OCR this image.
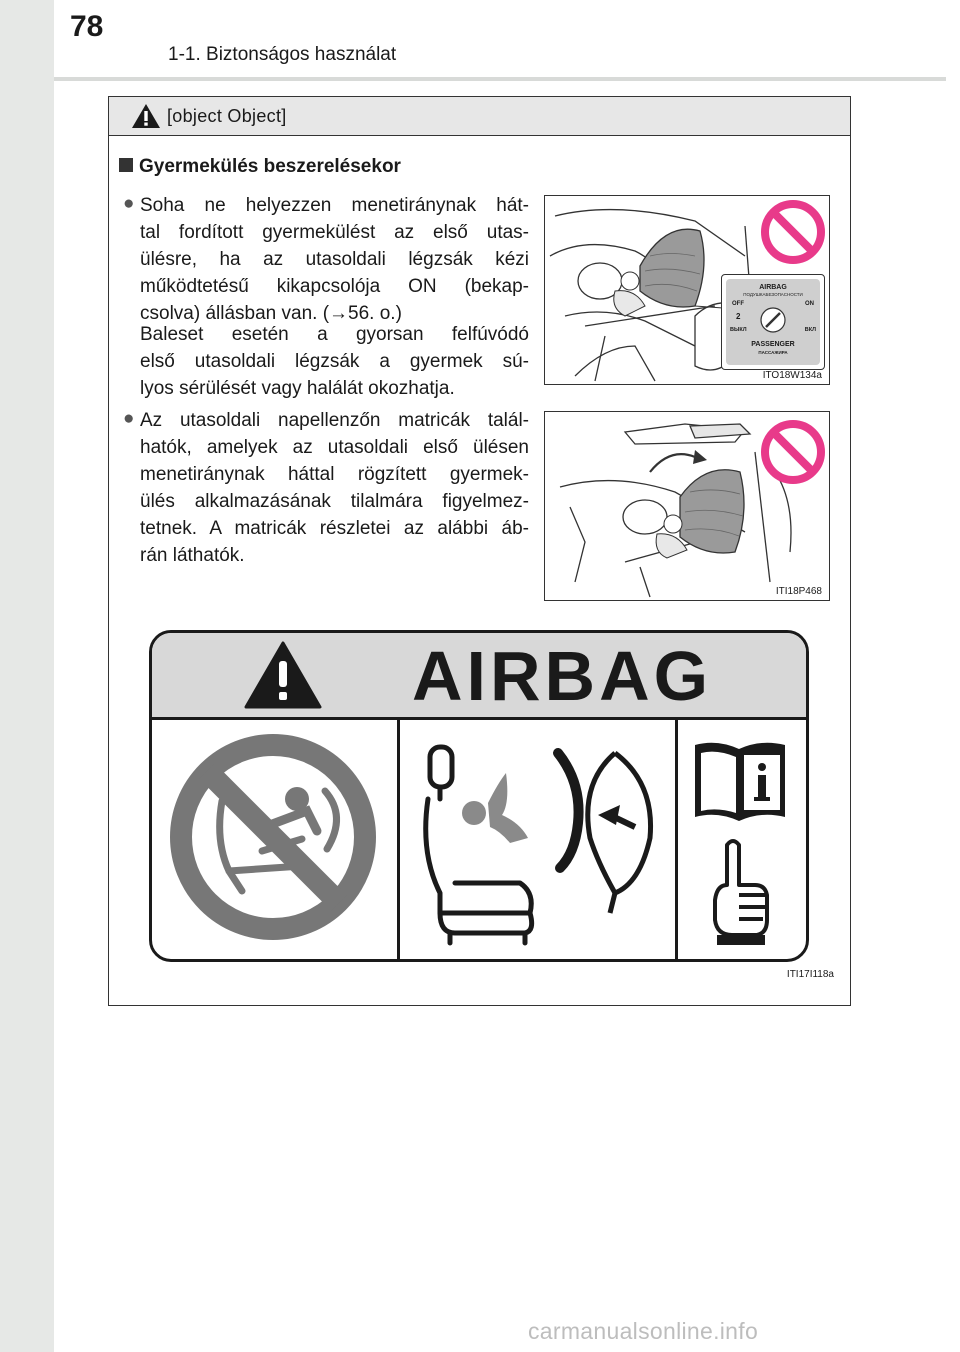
78
1-1. Biztonságos használat
[object Object]
Gyermekülés beszerelésekor
● Soha ne helyezzen menetiránynak hát-
tal fordított gyermekülést az első utas-
ülésre, ha az utasoldali légzsák kézi
működtetésű kikapcsolója ON (bekap-
csolva) állásban van. (→56. o.)
Baleset esetén a gyorsan felfúvódó
első utasoldali légzsák a gyermek sú-
lyos sérülését vagy halálát okozhatja.
AIRBAG
ПОДУШКАБЕЗОПАСНОСТИ
OFF	ON
2
ВЫКЛ	ВКЛ
PASSENGER
ПАССАЖИРА
ITO18W134a
● Az utasoldali napellenzőn matricák talál-
hatók, amelyek az utasoldali első ülésen
menetiránynak háttal rögzített gyermek-
ülés alkalmazásának tilalmára figyelmez-
tetnek. A matricák részletei az alábbi áb-
rán láthatók.
ITI18P468
AIRBAG
ITI17I118a
carmanualsonline.info
